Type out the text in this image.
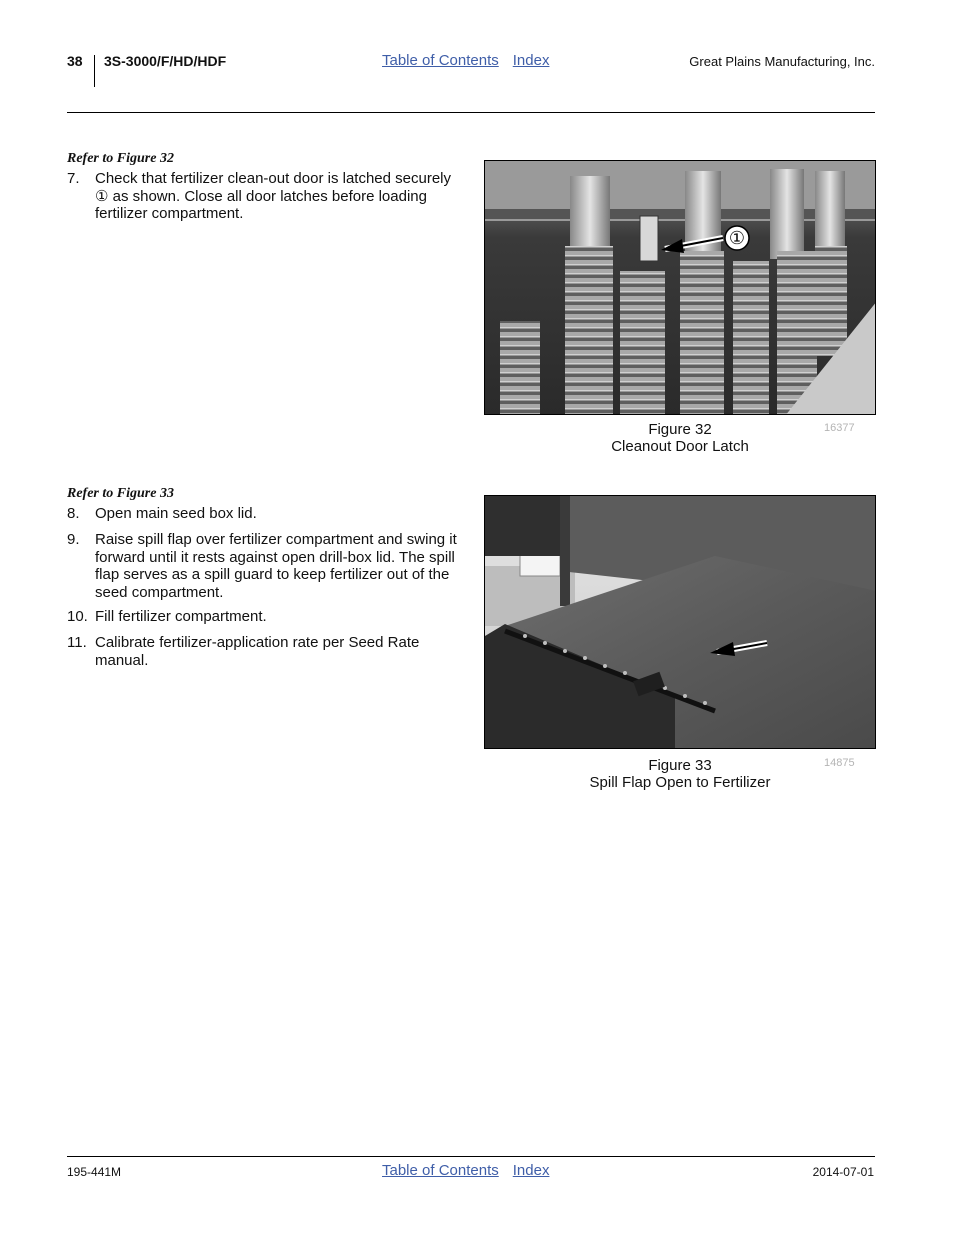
38 3S-3000/F/HD/HDF	Table of Contents Index	Great Plains Manufacturing, Inc.
Refer to Figure 32
7.	Check that fertilizer clean-out door is latched securely ① as shown. Close all door latches before loading fertilizer compartment.
①
Figure 32
Cleanout Door Latch
16377
Refer to Figure 33
8.	Open main seed box lid.
9.	Raise spill flap over fertilizer compartment and swing it forward until it rests against open drill-box lid. The spill flap serves as a spill guard to keep fertilizer out of the seed compartment.
10. Fill fertilizer compartment.
11. Calibrate fertilizer-application rate per Seed Rate manual.
Figure 33
Spill Flap Open to Fertilizer
14875
195-441M	Table of Contents Index	2014-07-01
